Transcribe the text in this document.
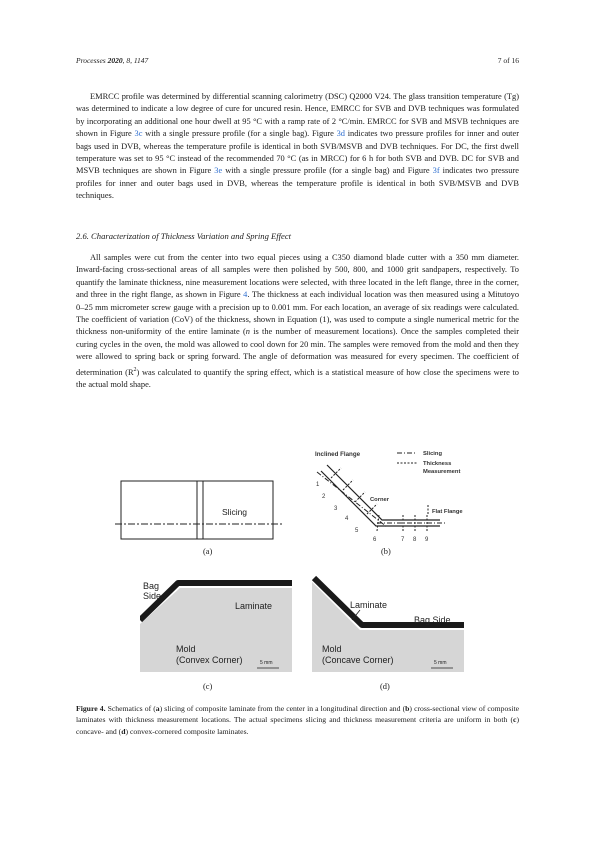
Processes 2020, 8, 1147	7 of 16

EMRCC profile was determined by differential scanning calorimetry (DSC) Q2000 V24. The glass transition temperature (Tg) was determined to indicate a low degree of cure for uncured resin. Hence, EMRCC for SVB and DVB techniques was formulated by incorporating an additional one hour dwell at 95 °C with a ramp rate of 2 °C/min. EMRCC for SVB and MSVB techniques are shown in Figure 3c with a single pressure profile (for a single bag). Figure 3d indicates two pressure profiles for inner and outer bags used in DVB, whereas the temperature profile is identical in both SVB/MSVB and DVB techniques. For DC, the first dwell temperature was set to 95 °C instead of the recommended 70 °C (as in MRCC) for 6 h for both SVB and DVB. DC for SVB and MSVB techniques are shown in Figure 3e with a single pressure profile (for a single bag) and Figure 3f indicates two pressure profiles for inner and outer bags used in DVB, whereas the temperature profile is identical in both SVB/MSVB and DVB techniques.

2.6. Characterization of Thickness Variation and Spring Effect

All samples were cut from the center into two equal pieces using a C350 diamond blade cutter with a 350 mm diameter. Inward-facing cross-sectional areas of all samples were then polished by 500, 800, and 1000 grit sandpapers, respectively. To quantify the laminate thickness, nine measurement locations were selected, with three located in the left flange, three in the corner, and three in the right flange, as shown in Figure 4. The thickness at each individual location was then measured using a Mitutoyo 0–25 mm micrometer screw gauge with a precision up to 0.001 mm. For each location, an average of six readings were calculated. The coefficient of variation (CoV) of the thickness, shown in Equation (1), was used to compute a single numerical metric for the thickness non-uniformity of the entire laminate (n is the number of measurement locations). Once the samples completed their curing cycles in the oven, the mold was allowed to cool down for 20 min. The samples were removed from the mold and then they were allowed to spring back or spring forward. The angle of deformation was measured for every specimen. The coefficient of determination $(R^2)$ was calculated to quantify the spring effect, which is a statistical measure of how close the specimens were to the actual mold shape.

Slicing
(a)
Inclined Flange	Slicing
Thickness
Measurement
Corner
Flat Flange
1
2
3
4
5
6	7 8 9
(b)
Bag
Side
Laminate
Mold
(Convex Corner)	5 mm
(c)
Laminate
Bag Side
Mold
(Concave Corner)	5 mm
(d)

Figure 4. Schematics of (a) slicing of composite laminate from the center in a longitudinal direction and (b) cross-sectional view of composite laminates with thickness measurement locations. The actual specimens slicing and thickness measurement criteria are uniform in both (c) concave- and (d) convex-cornered composite laminates.
